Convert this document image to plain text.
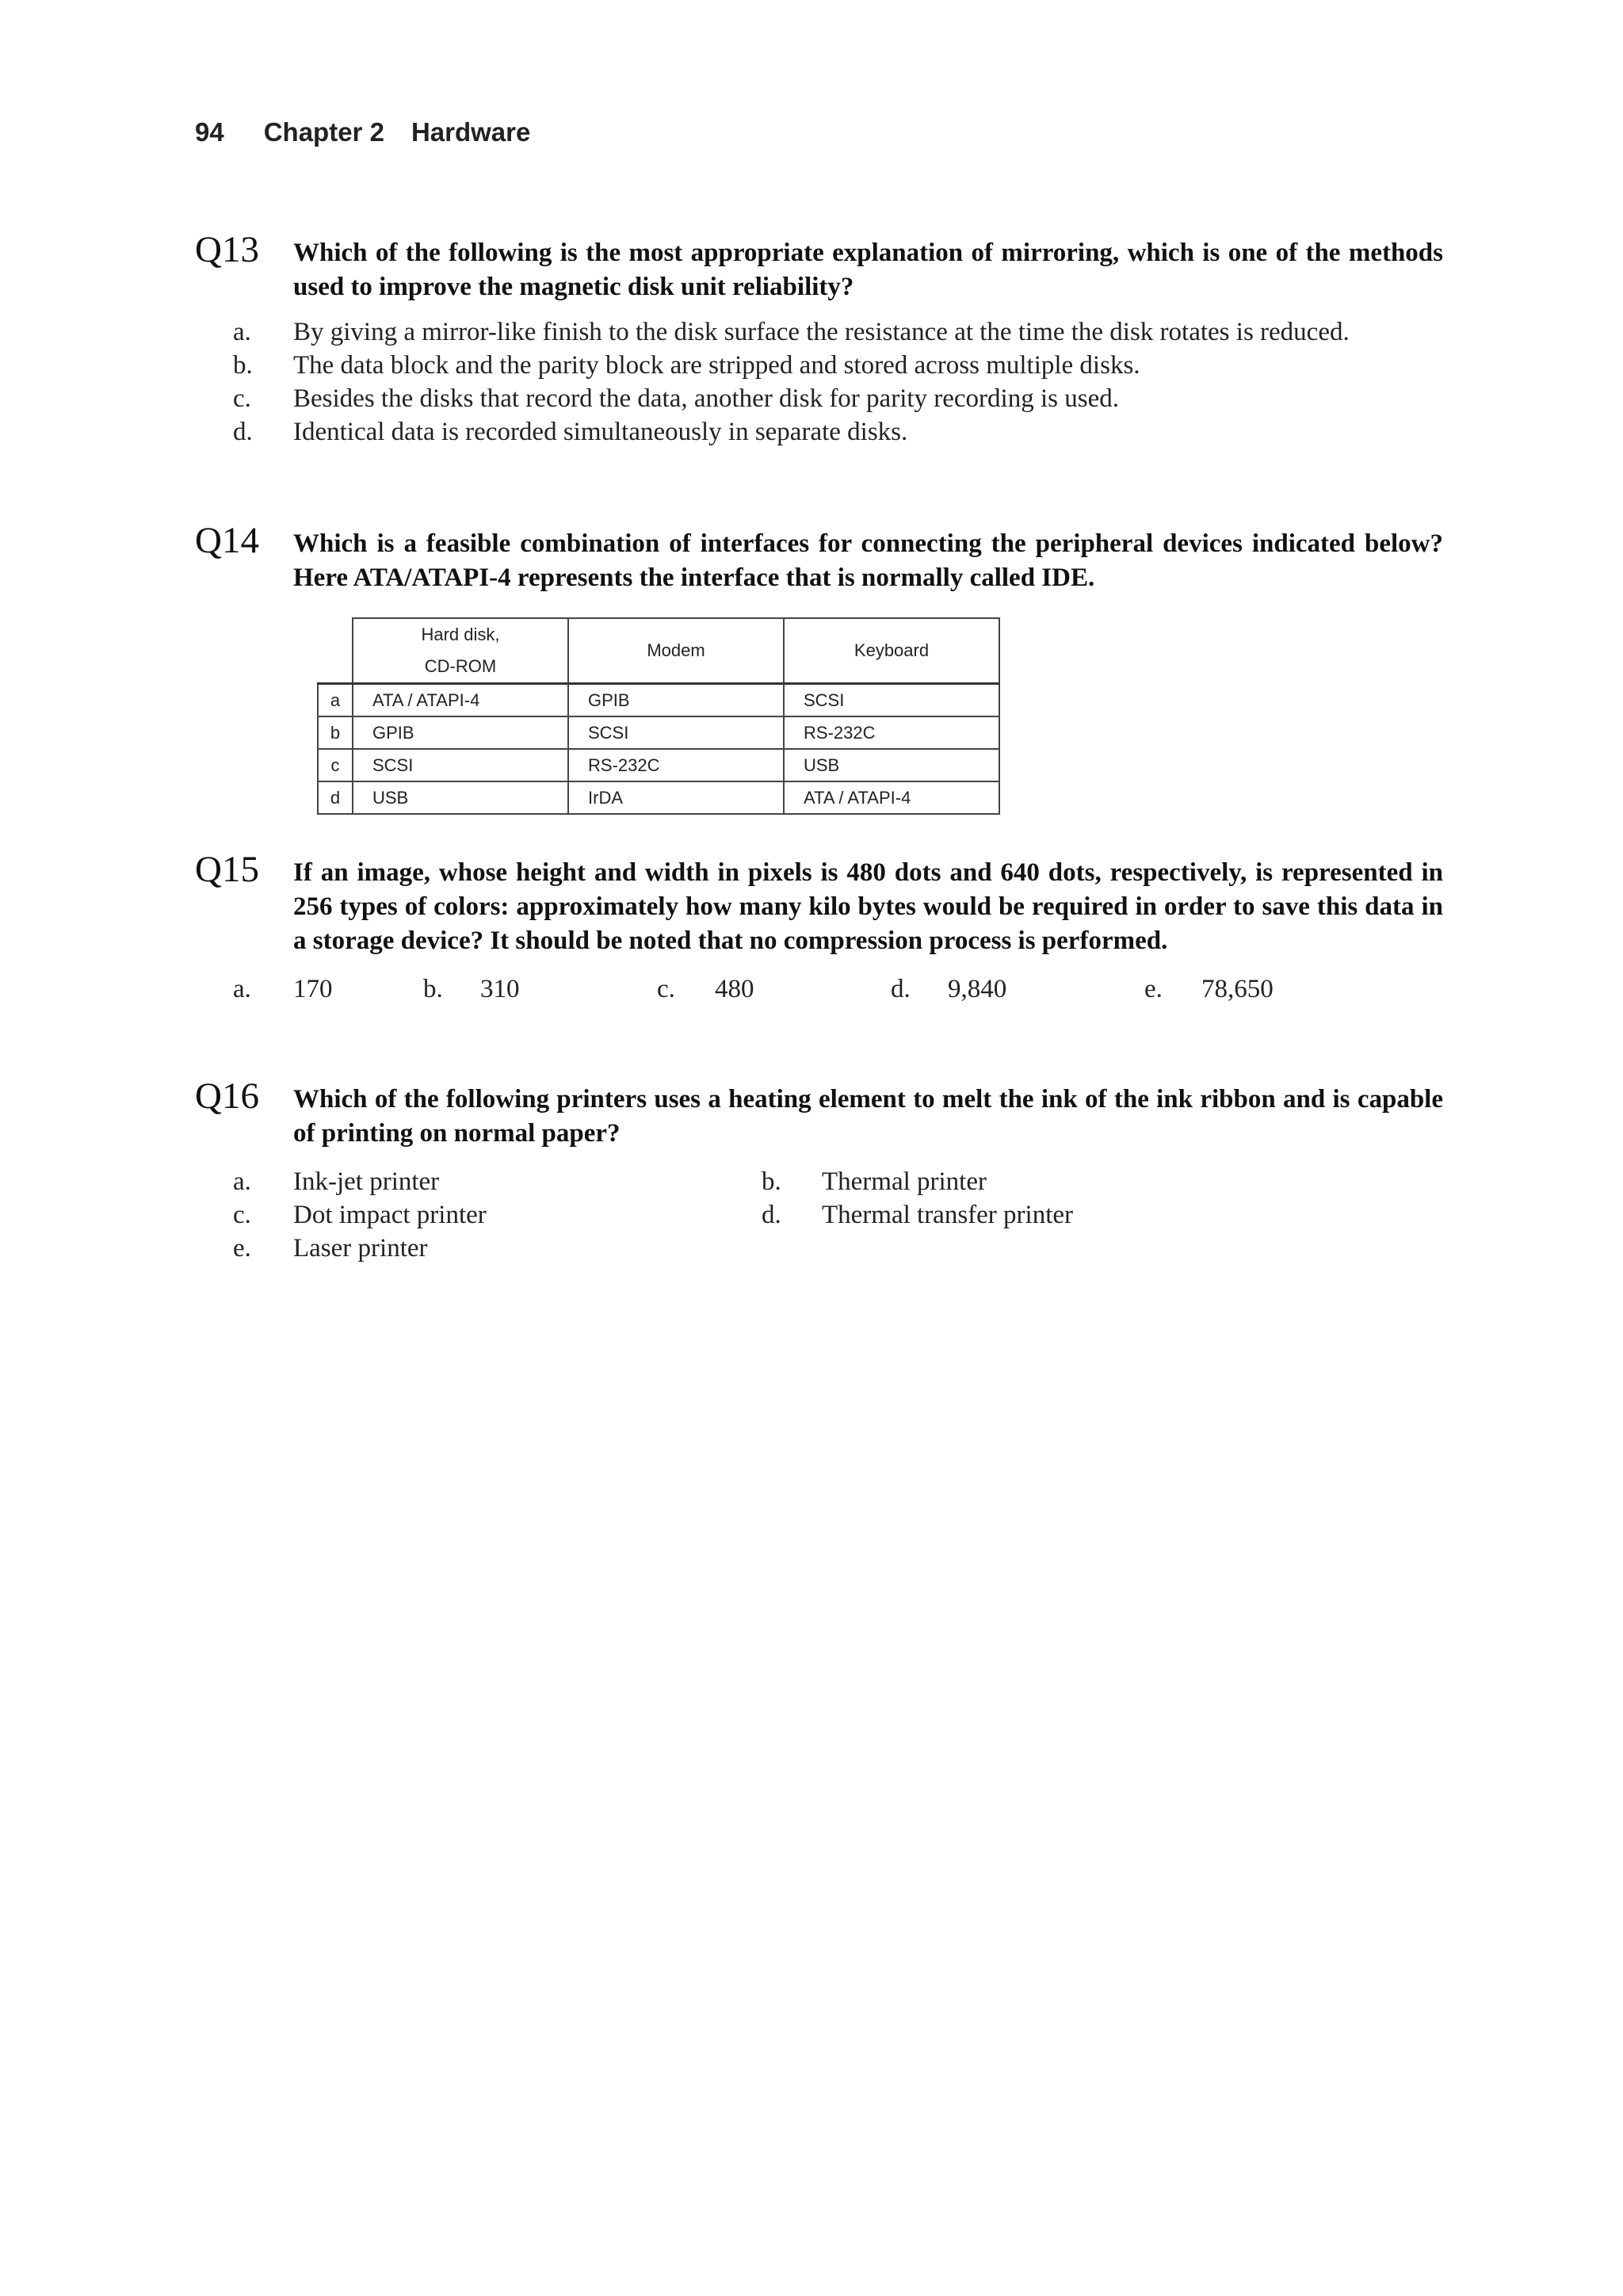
94 Chapter 2 Hardware
Q13 Which of the following is the most appropriate explanation of mirroring, which is one of the methods used to improve the magnetic disk unit reliability?
a.	By giving a mirror-like finish to the disk surface the resistance at the time the disk rotates is reduced.
b.	The data block and the parity block are stripped and stored across multiple disks.
c.	Besides the disks that record the data, another disk for parity recording is used.
d.	Identical data is recorded simultaneously in separate disks.
Q14 Which is a feasible combination of interfaces for connecting the peripheral devices indicated below? Here ATA/ATAPI-4 represents the interface that is normally called IDE.

	Hard disk,
CD-ROM	Modem	Keyboard
a	ATA / ATAPI-4	GPIB	SCSI
b	GPIB	SCSI	RS-232C
c	SCSI	RS-232C	USB
d	USB	IrDA	ATA / ATAPI-4
Q15 If an image, whose height and width in pixels is 480 dots and 640 dots, respectively, is represented in 256 types of colors: approximately how many kilo bytes would be required in order to save this data in a storage device? It should be noted that no compression process is performed.
a.	170	b.	310	c.	480	d.	9,840	e.	78,650
Q16 Which of the following printers uses a heating element to melt the ink of the ink ribbon and is capable of printing on normal paper?
a.	Ink-jet printer	b.	Thermal printer
c.	Dot impact printer	d.	Thermal transfer printer
e.	Laser printer
